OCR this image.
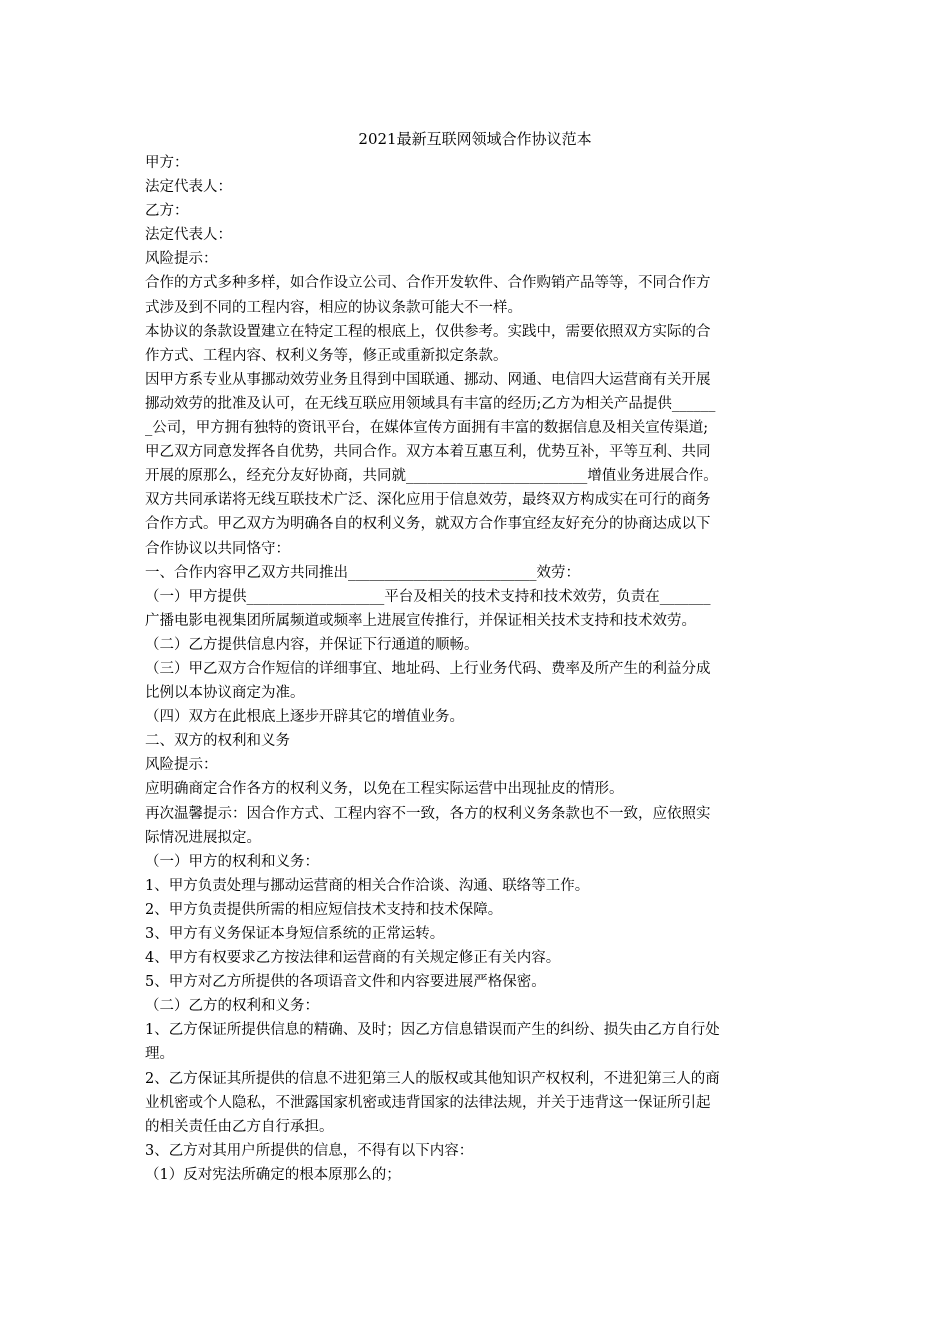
2021最新互联网领域合作协议范本
甲方：
法定代表人：
乙方：
法定代表人：
风险提示：
合作的方式多种多样，如合作设立公司、合作开发软件、合作购销产品等等，不同合作方
式涉及到不同的工程内容，相应的协议条款可能大不一样。
本协议的条款设置建立在特定工程的根底上，仅供参考。实践中，需要依照双方实际的合
作方式、工程内容、权利义务等，修正或重新拟定条款。
因甲方系专业从事挪动效劳业务且得到中国联通、挪动、网通、电信四大运营商有关开展
挪动效劳的批准及认可，在无线互联应用领域具有丰富的经历;乙方为相关产品提供______
_公司，甲方拥有独特的资讯平台，在媒体宣传方面拥有丰富的数据信息及相关宣传渠道;
甲乙双方同意发挥各自优势，共同合作。双方本着互惠互利，优势互补，平等互利、共同
开展的原那么，经充分友好协商，共同就_________________________增值业务进展合作。
双方共同承诺将无线互联技术广泛、深化应用于信息效劳，最终双方构成实在可行的商务
合作方式。甲乙双方为明确各自的权利义务，就双方合作事宜经友好充分的协商达成以下
合作协议以共同恪守：
一、合作内容甲乙双方共同推出__________________________效劳：
（一）甲方提供___________________平台及相关的技术支持和技术效劳，负责在_______
广播电影电视集团所属频道或频率上进展宣传推行，并保证相关技术支持和技术效劳。
（二）乙方提供信息内容，并保证下行通道的顺畅。
（三）甲乙双方合作短信的详细事宜、地址码、上行业务代码、费率及所产生的利益分成
比例以本协议商定为准。
（四）双方在此根底上逐步开辟其它的增值业务。
二、双方的权利和义务
风险提示：
应明确商定合作各方的权利义务，以免在工程实际运营中出现扯皮的情形。
再次温馨提示：因合作方式、工程内容不一致，各方的权利义务条款也不一致，应依照实
际情况进展拟定。
（一）甲方的权利和义务：
1、甲方负责处理与挪动运营商的相关合作洽谈、沟通、联络等工作。
2、甲方负责提供所需的相应短信技术支持和技术保障。
3、甲方有义务保证本身短信系统的正常运转。
4、甲方有权要求乙方按法律和运营商的有关规定修正有关内容。
5、甲方对乙方所提供的各项语音文件和内容要进展严格保密。
（二）乙方的权利和义务：
1、乙方保证所提供信息的精确、及时；因乙方信息错误而产生的纠纷、损失由乙方自行处
理。
2、乙方保证其所提供的信息不进犯第三人的版权或其他知识产权权利，不进犯第三人的商
业机密或个人隐私，不泄露国家机密或违背国家的法律法规，并关于违背这一保证所引起
的相关责任由乙方自行承担。
3、乙方对其用户所提供的信息，不得有以下内容：
（1）反对宪法所确定的根本原那么的；
